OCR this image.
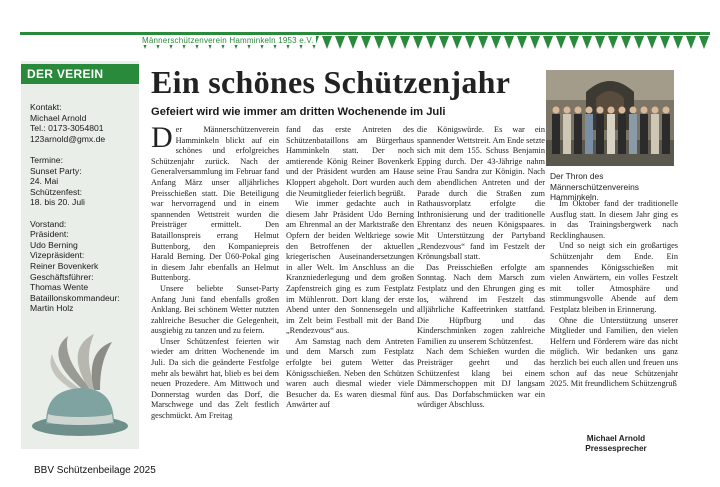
Männerschützenverein Hamminkeln 1953 e.V.
DER VEREIN
Kontakt:
Michael Arnold
Tel.: 0173-3054801
123arnold@gmx.de
Termine:
Sunset Party:
24. Mai
Schützenfest:
18. bis 20. Juli
Vorstand:
Präsident:
Udo Berning
Vizepräsident:
Reiner Bovenkerk
Geschäftsführer:
Thomas Wente
Bataillonskommandeur:
Martin Holz
Ein schönes Schützenjahr
Gefeiert wird wie immer am dritten Wochenende im Juli

Der Männerschützenverein Hamminkeln blickt auf ein schönes und erfolgreiches Schützenjahr zurück. Nach der Generalversammlung im Februar fand Anfang März unser alljährliches Preisschießen statt. Die Beteiligung war hervorragend und in einem spannenden Wettstreit wurden die Preisträger ermittelt. Den Bataillonspreis errang Helmut Buttenborg, den Kompaniepreis Harald Berning. Der Ü60-Pokal ging in diesem Jahr ebenfalls an Helmut Buttenborg.

Unsere beliebte Sunset-Party Anfang Juni fand ebenfalls großen Anklang. Bei schönem Wetter nutzten zahlreiche Besucher die Gelegenheit, ausgiebig zu tanzen und zu feiern.

Unser Schützenfest feierten wir wieder am dritten Wochenende im Juli. Da sich die geänderte Festfolge mehr als bewährt hat, blieb es bei dem neuen Prozedere. Am Mittwoch und Donnerstag wurden das Dorf, die Marschwege und das Zelt festlich geschmückt. Am Freitag

fand das erste Antreten des Schützenbataillons am Bürgerhaus Hamminkeln statt. Der noch amtierende König Reiner Bovenkerk und der Präsident wurden am Hause Kloppert abgeholt. Dort wurden auch die Neumitglieder feierlich begrüßt.

Wie immer gedachte auch in diesem Jahr Präsident Udo Berning am Ehrenmal an der Marktstraße den Opfern der beiden Weltkriege sowie den Betroffenen der aktuellen kriegerischen Auseinandersetzungen in aller Welt. Im Anschluss an die Kranzniederlegung und dem großen Zapfenstreich ging es zum Festplatz im Mühlenrott. Dort klang der erste Abend unter den Sonnensegeln und im Zelt beim Festball mit der Band „Rendezvous“ aus.

Am Samstag nach dem Antreten und dem Marsch zum Festplatz erfolgte bei gutem Wetter das Königsschießen. Neben den Schützen waren auch diesmal wieder viele Besucher da. Es waren diesmal fünf Anwärter auf

die Königswürde. Es war ein spannender Wettstreit. Am Ende setzte sich mit dem 155. Schuss Benjamin Epping durch. Der 43-Jährige nahm seine Frau Sandra zur Königin. Nach dem abendlichen Antreten und der Parade durch die Straßen zum Rathausvorplatz erfolgte die Inthronisierung und der traditionelle Ehrentanz des neuen Königspaares. Mit Unterstützung der Partyband „Rendezvous“ fand im Festzelt der Krönungsball statt.

Das Preisschießen erfolgte am Sonntag. Nach dem Marsch zum Festplatz und den Ehrungen ging es los, während im Festzelt das alljährliche Kaffeetrinken stattfand. Die Hüpfburg und das Kinderschminken zogen zahlreiche Familien zu unserem Schützenfest.

Nach dem Schießen wurden die Preisträger geehrt und das Schützenfest klang bei einem Dämmerschoppen mit DJ langsam aus. Das Dorfabschmücken war ein würdiger Abschluss.

Der Thron des Männerschützenvereins Hamminkeln.

Im Oktober fand der traditionelle Ausflug statt. In diesem Jahr ging es in das Trainingsbergwerk nach Recklinghausen.

Und so neigt sich ein großartiges Schützenjahr dem Ende. Ein spannendes Königsschießen mit vielen Anwärtern, ein volles Festzelt mit toller Atmosphäre und stimmungsvolle Abende auf dem Festplatz bleiben in Erinnerung.

Ohne die Unterstützung unserer Mitglieder und Familien, den vielen Helfern und Förderern wäre das nicht möglich. Wir bedanken uns ganz herzlich bei euch allen und freuen uns schon auf das neue Schützenjahr 2025. Mit freundlichem Schützengruß

Michael Arnold
Pressesprecher
BBV Schützenbeilage 2025
